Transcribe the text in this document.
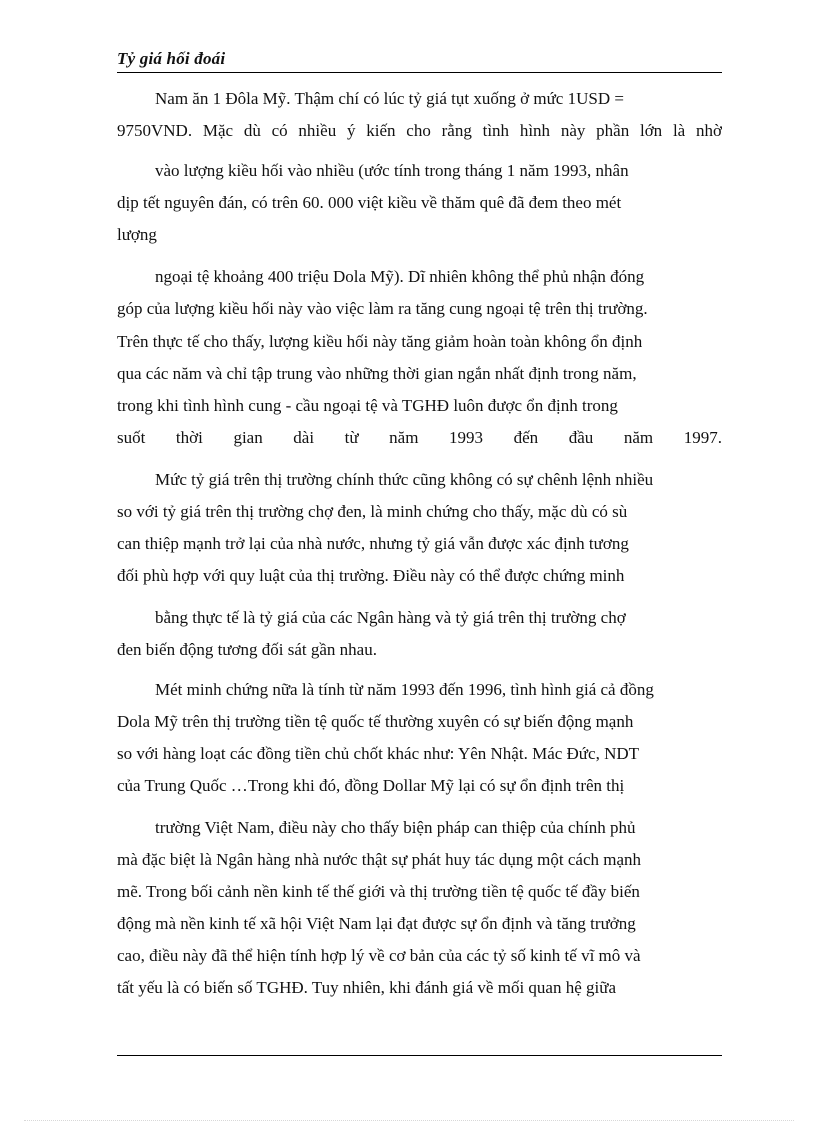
Tỷ giá hối đoái
Nam ăn 1 Đôla Mỹ. Thậm chí có lúc tỷ giá tụt xuống ở mức 1USD =
9750VND. Mặc dù có nhiều ý kiến cho rằng tình hình này phần lớn là nhờ
vào lượng kiều hối vào nhiều (ước tính trong tháng 1 năm 1993, nhân
dịp tết nguyên đán, có trên 60. 000 việt kiều về thăm quê đã đem theo mét
lượng
ngoại tệ khoảng 400 triệu Dola Mỹ). Dĩ nhiên không thể phủ nhận đóng
góp của lượng kiều hối này vào việc làm ra tăng cung ngoại tệ trên thị trường.
Trên thực tế cho thấy, lượng kiều hối này tăng giảm hoàn toàn không ổn định
qua các năm và chỉ tập trung vào những thời gian ngắn nhất định trong năm,
trong khi tình hình cung - cầu ngoại tệ và TGHĐ luôn được ổn định trong
suốt thời gian dài từ năm 1993 đến đầu năm 1997.
Mức tỷ giá trên thị trường chính thức cũng không có sự chênh lệnh nhiều
so với tỷ giá trên thị trường chợ đen, là minh chứng cho thấy, mặc dù có sù
can thiệp mạnh trở lại của nhà nước, nhưng tỷ giá vẫn được xác định tương
đối phù hợp với quy luật của thị trường. Điều này có thể được chứng minh
bằng thực tế là tỷ giá của các Ngân hàng và tỷ giá trên thị trường chợ
đen biến động tương đối sát gần nhau.
Mét minh chứng nữa là tính từ năm 1993 đến 1996, tình hình giá cả đồng
Dola Mỹ trên thị trường tiền tệ quốc tế thường xuyên có sự biến động mạnh
so với hàng loạt các đồng tiền chủ chốt khác như: Yên Nhật. Mác Đức, NDT
của Trung Quốc …Trong khi đó, đồng Dollar Mỹ lại có sự ổn định trên thị
trường Việt Nam, điều này cho thấy biện pháp can thiệp của chính phủ
mà đặc biệt là Ngân hàng nhà nước thật sự phát huy tác dụng một cách mạnh
mẽ. Trong bối cảnh nền kinh tế thế giới và thị trường tiền tệ quốc tế đầy biến
động mà nền kinh tế xã hội Việt Nam lại đạt được sự ổn định và tăng trưởng
cao, điều này đã thể hiện tính hợp lý về cơ bản của các tỷ số kinh tế vĩ mô và
tất yếu là có biến số TGHĐ. Tuy nhiên, khi đánh giá về mối quan hệ giữa
